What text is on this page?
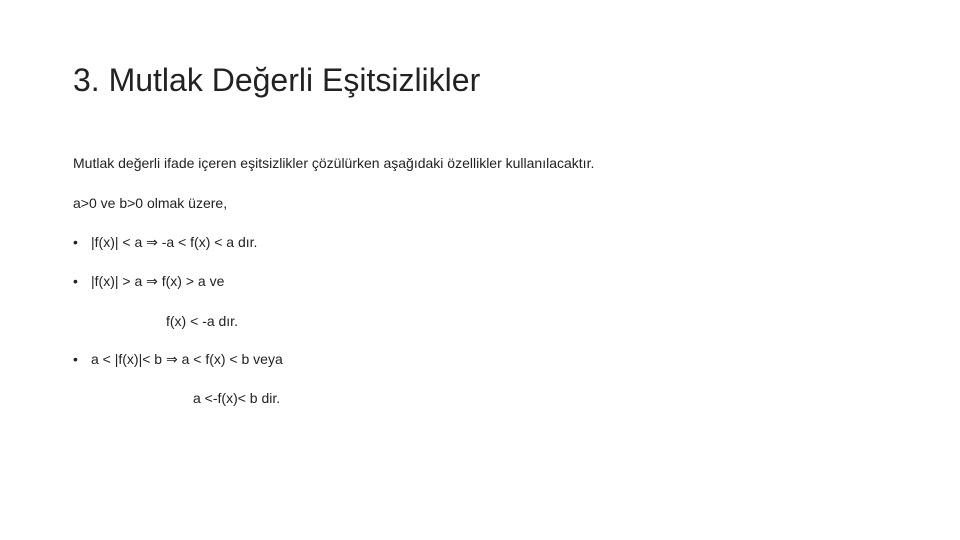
3. Mutlak Değerli Eşitsizlikler
Mutlak değerli ifade içeren eşitsizlikler çözülürken aşağıdaki özellikler kullanılacaktır.
a>0 ve b>0 olmak üzere,
• |f(x)| < a ⇒ -a < f(x) < a dır.
• |f(x)| > a ⇒ f(x) > a ve
f(x) < -a dır.
• a < |f(x)|< b ⇒ a < f(x) < b veya
a <-f(x)< b dir.
